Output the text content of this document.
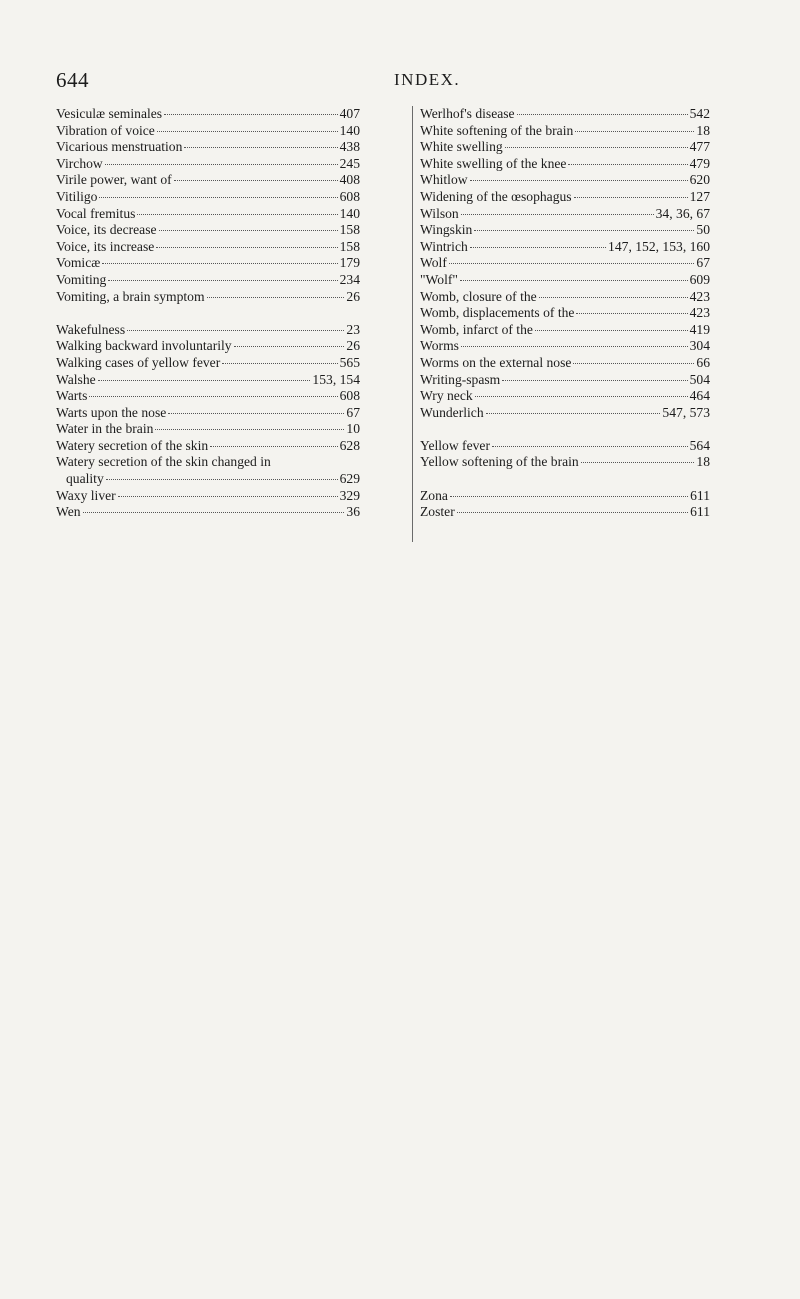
644	INDEX.
Vesiculæ seminales	407
Vibration of voice	140
Vicarious menstruation	438
Virchow	245
Virile power, want of	408
Vitiligo	608
Vocal fremitus	140
Voice, its decrease	158
Voice, its increase	158
Vomicæ	179
Vomiting	234
Vomiting, a brain symptom	26
Wakefulness	23
Walking backward involuntarily	26
Walking cases of yellow fever	565
Walshe	153, 154
Warts	608
Warts upon the nose	67
Water in the brain	10
Watery secretion of the skin	628
Watery secretion of the skin changed in
quality	629
Waxy liver	329
Wen	36
Werlhof's disease	542
White softening of the brain	18
White swelling	477
White swelling of the knee	479
Whitlow	620
Widening of the œsophagus	127
Wilson	34, 36, 67
Wingskin	50
Wintrich	147, 152, 153, 160
Wolf	67
"Wolf"	609
Womb, closure of the	423
Womb, displacements of the	423
Womb, infarct of the	419
Worms	304
Worms on the external nose	66
Writing-spasm	504
Wry neck	464
Wunderlich	547, 573
Yellow fever	564
Yellow softening of the brain	18
Zona	611
Zoster	611
